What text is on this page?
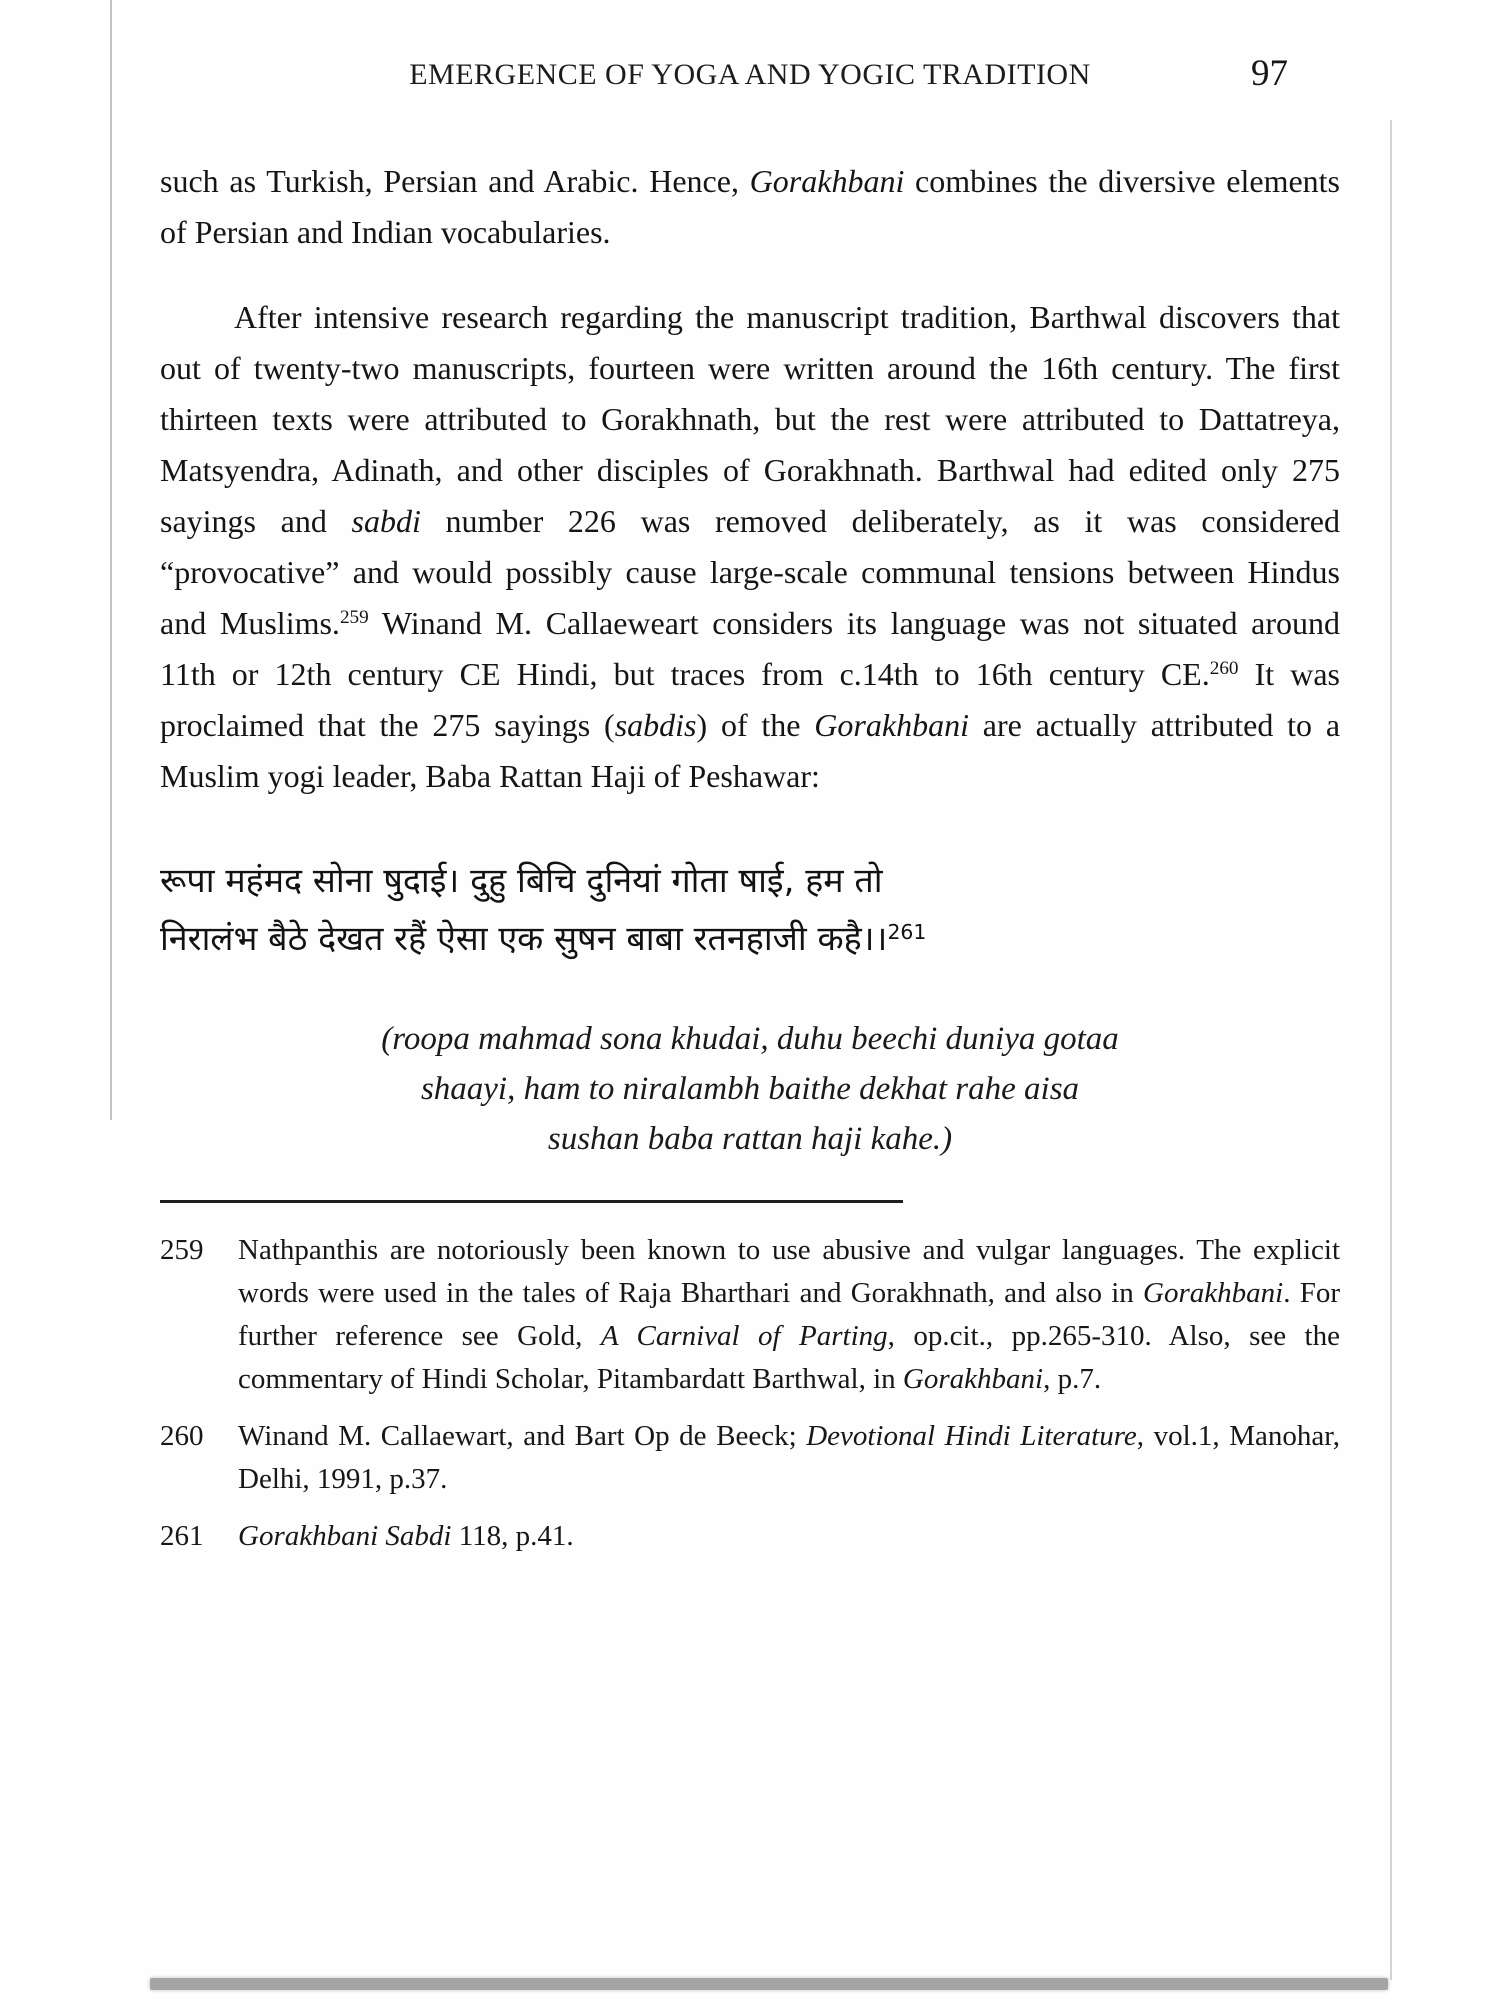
EMERGENCE OF YOGA AND YOGIC TRADITION	97

such as Turkish, Persian and Arabic. Hence, Gorakhbani combines the diversive elements of Persian and Indian vocabularies.

After intensive research regarding the manuscript tradition, Barthwal discovers that out of twenty-two manuscripts, fourteen were written around the 16th century. The first thirteen texts were attributed to Gorakhnath, but the rest were attributed to Dattatreya, Matsyendra, Adinath, and other disciples of Gorakhnath. Barthwal had edited only 275 sayings and sabdi number 226 was removed deliberately, as it was considered “provocative” and would possibly cause large-scale communal tensions between Hindus and Muslims.$^{259}$ Winand M. Callaeweart considers its language was not situated around 11th or 12th century CE Hindi, but traces from c.14th to 16th century CE.$^{260}$ It was proclaimed that the 275 sayings (sabdis) of the Gorakhbani are actually attributed to a Muslim yogi leader, Baba Rattan Haji of Peshawar:

रूपा महंमद सोना षुदाई। दुहु बिचि दुनियां गोता षाई, हम तो
निरालंभ बैठे देखत रहैं ऐसा एक सुषन बाबा रतनहाजी कहै।।$^{261}$
(roopa mahmad sona khudai, duhu beechi duniya gotaa
shaayi, ham to niralambh baithe dekhat rahe aisa
sushan baba rattan haji kahe.)
259 Nathpanthis are notoriously been known to use abusive and vulgar languages. The explicit words were used in the tales of Raja Bharthari and Gorakhnath, and also in Gorakhbani. For further reference see Gold, A Carnival of Parting, op.cit., pp.265-310. Also, see the commentary of Hindi Scholar, Pitambardatt Barthwal, in Gorakhbani, p.7.
260 Winand M. Callaewart, and Bart Op de Beeck; Devotional Hindi Literature, vol.1, Manohar, Delhi, 1991, p.37.
261 Gorakhbani Sabdi 118, p.41.
